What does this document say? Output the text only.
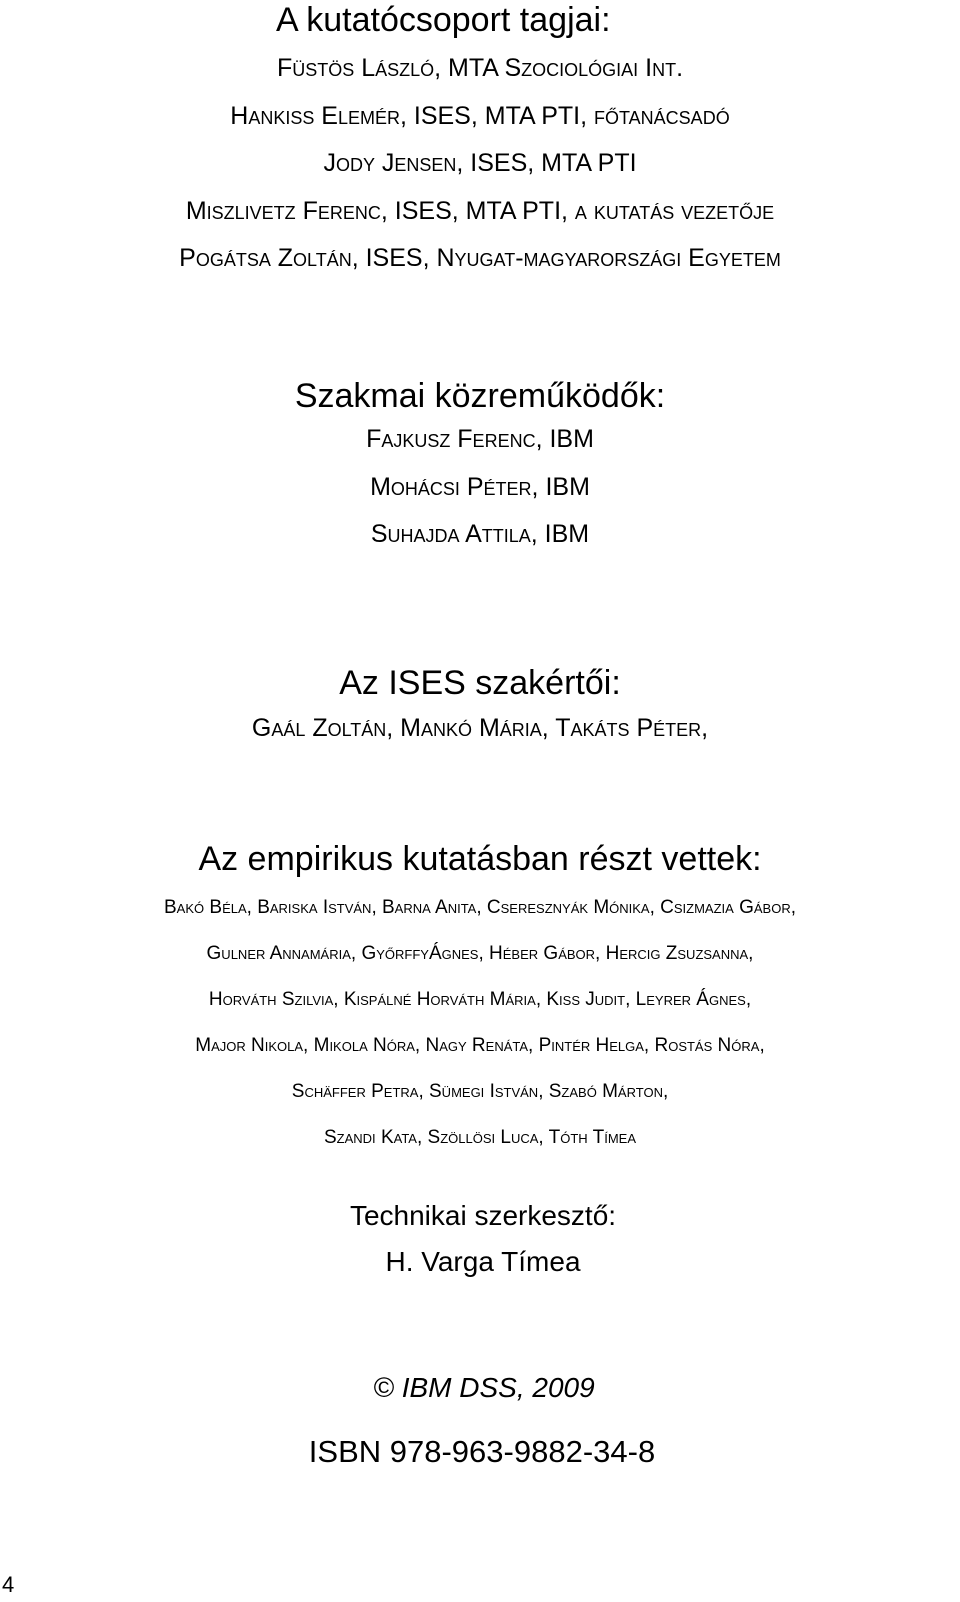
A kutatócsoport tagjai:
Füstös László, MTA Szociológiai Int.
Hankiss Elemér, ISES, MTA PTI, főtanácsadó
Jody Jensen, ISES, MTA PTI
Miszlivetz Ferenc, ISES, MTA PTI, a kutatás vezetője
Pogátsa Zoltán, ISES, Nyugat-magyarországi Egyetem
Szakmai közreműködők:
Fajkusz Ferenc, IBM
Mohácsi Péter, IBM
Suhajda Attila, IBM
Az ISES szakértői:
Gaál Zoltán, Mankó Mária, Takáts Péter,
Az empirikus kutatásban részt vettek:
Bakó Béla, Bariska István, Barna Anita, Cseresznyák Mónika, Csizmazia Gábor,
Gulner Annamária, GyőrffyÁgnes, Héber Gábor, Hercig Zsuzsanna,
Horváth Szilvia, Kispálné Horváth Mária, Kiss Judit, Leyrer Ágnes,
Major Nikola, Mikola Nóra, Nagy Renáta, Pintér Helga, Rostás Nóra,
Schäffer Petra, Sümegi István, Szabó Márton,
Szandi Kata, Szöllösi Luca, Tóth Tímea
Technikai szerkesztő:
H. Varga Tímea
© IBM DSS, 2009
ISBN 978-963-9882-34-8
4
